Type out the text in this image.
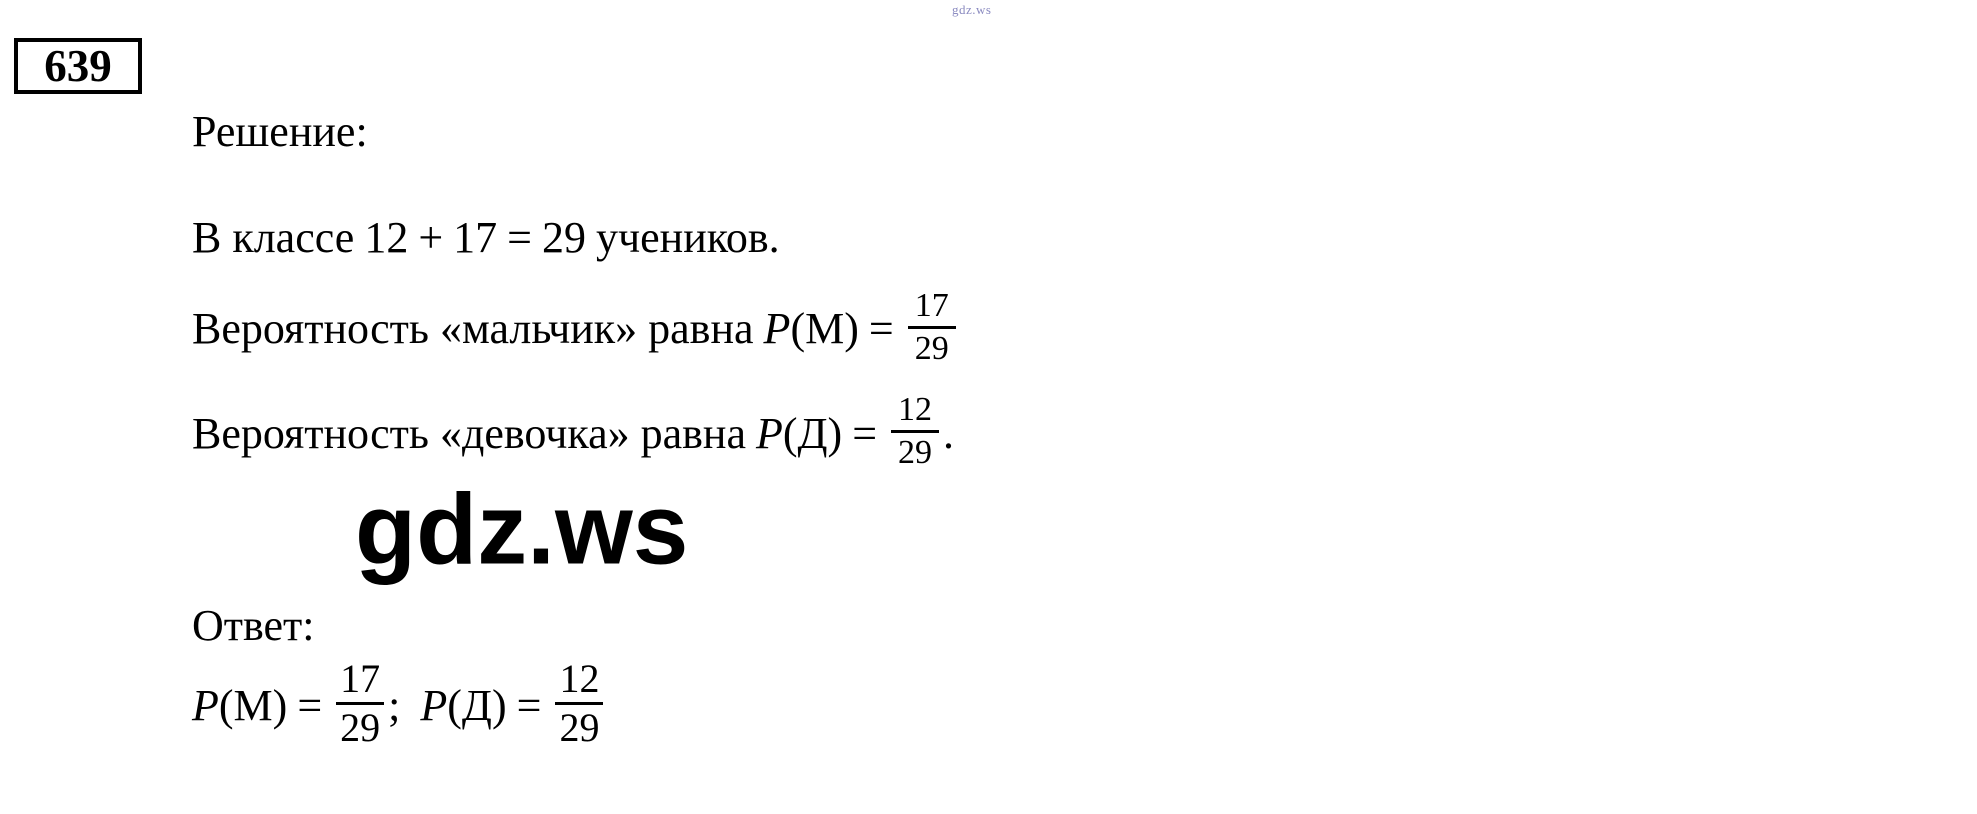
gdz.ws
639
Решение:
В классе 12 + 17 = 29 учеников.
Вероятность «мальчик» равна P $(М) = \frac{17}{29}$
Вероятность «девочка» равна P $(Д) = \frac{12}{29}$ .
Ответ:
P $(М) = \frac{17}{29}$ ; P $(Д) = \frac{12}{29}$
gdz.ws
